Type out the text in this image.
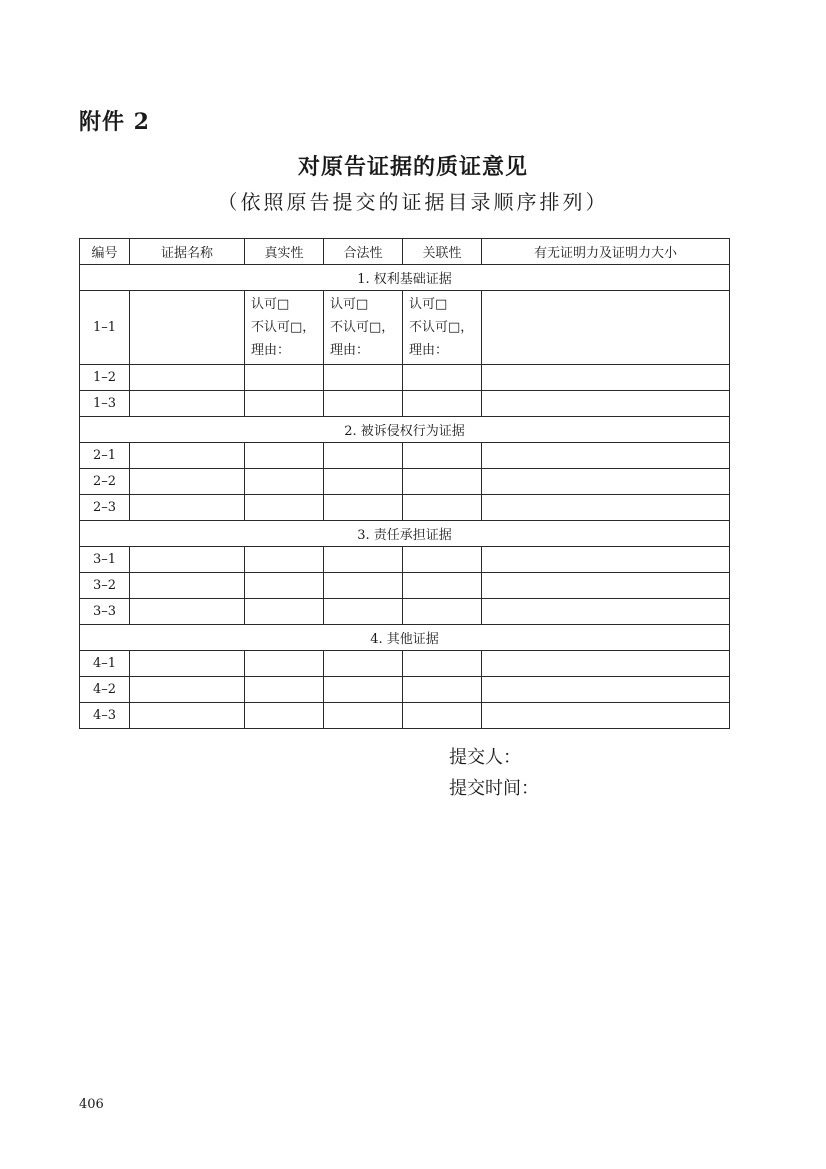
附件 2
对原告证据的质证意见
（依照原告提交的证据目录顺序排列）
编号	证据名称	真实性	合法性	关联性	有无证明力及证明力大小
1. 权利基础证据					
1–1		认可□
不认可□，
理由：	认可□
不认可□，
理由：	认可□
不认可□，
理由：	

1–2					
1–3					
2. 被诉侵权行为证据					
2–1					
2–2					
2–3					
3. 责任承担证据					
3–1					
3–2					
3–3					
4. 其他证据					
4–1					
4–2					
4–3					
提交人：
提交时间：
406
